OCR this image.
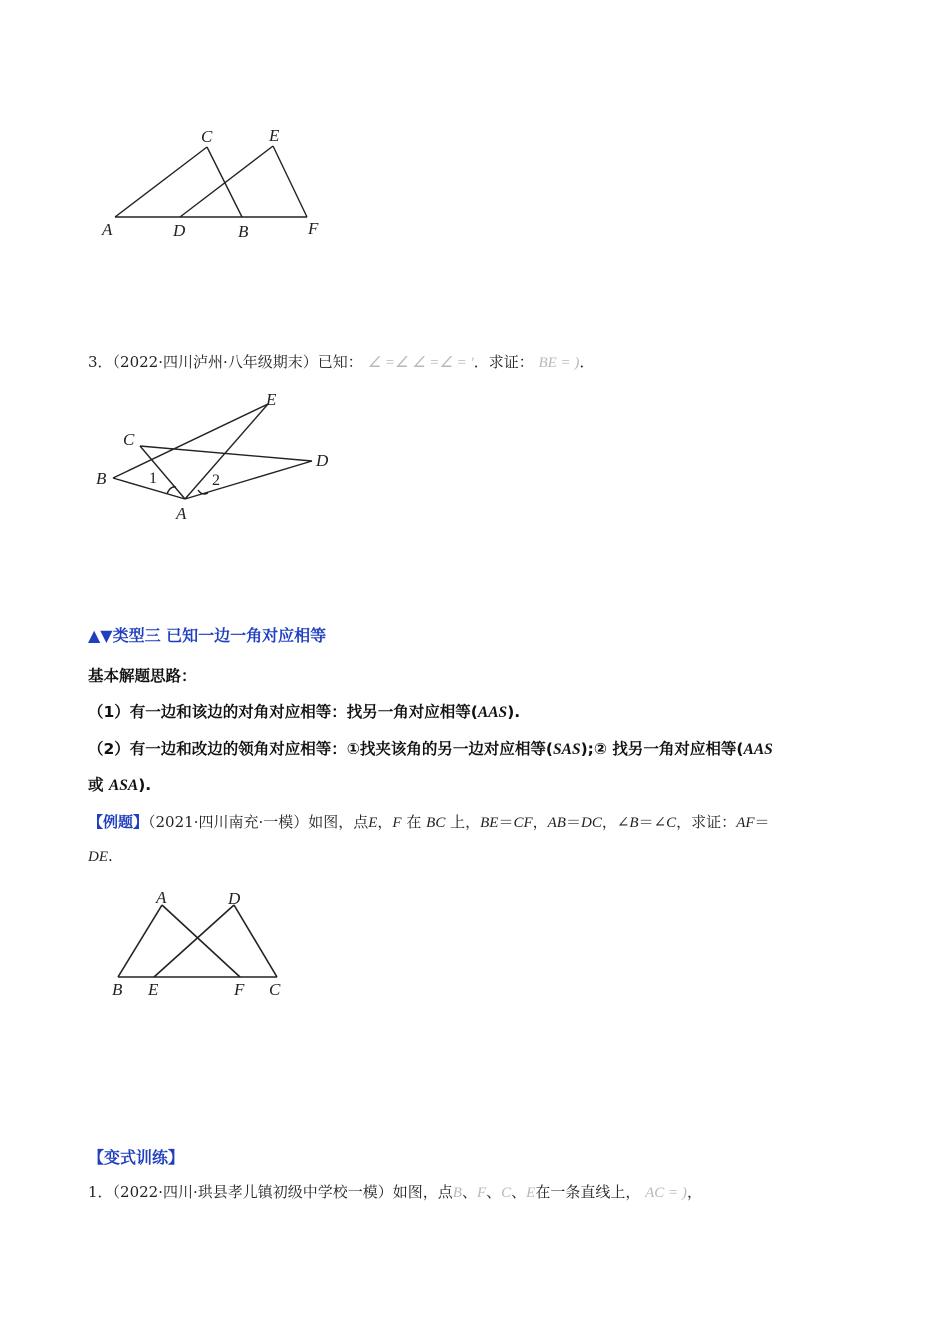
A	D	B	F
C	E
3．（2022·四川泸州·八年级期末）已知： ∠ =∠ ∠ =∠ = '．求证： BE = )．
B
C
E
D
A
1	2
▲▼类型三 已知一边一角对应相等
基本解题思路：
（1）有一边和该边的对角对应相等：找另一角对应相等(AAS).
（2）有一边和改边的领角对应相等：①找夹该角的另一边对应相等(SAS);② 找另一角对应相等(AAS
或 ASA).
【例题】（2021·四川南充·一模）如图，点E，F 在 BC 上，BE＝CF，AB＝DC，∠B＝∠C，求证：AF＝
DE.
A	D
B E	F C
【变式训练】
1．（2022·四川·珙县孝儿镇初级中学校一模）如图，点B、F、C、E在一条直线上， AC = )，
